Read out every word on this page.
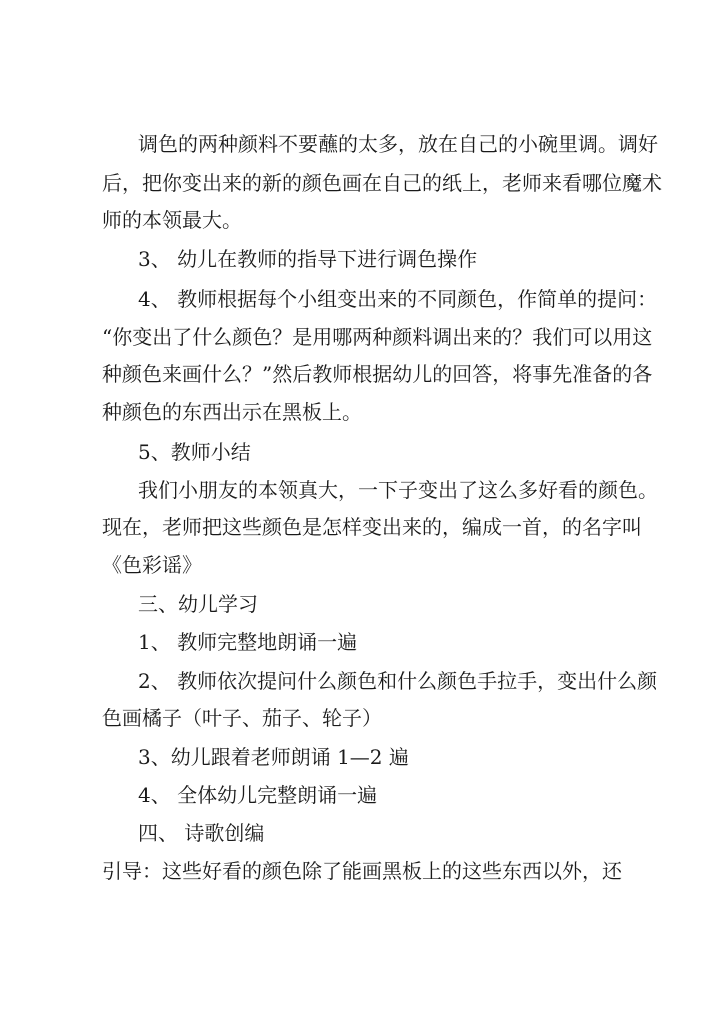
调色的两种颜料不要蘸的太多，放在自己的小碗里调。调好
后，把你变出来的新的颜色画在自己的纸上，老师来看哪位魔术
师的本领最大。
3、 幼儿在教师的指导下进行调色操作
4、 教师根据每个小组变出来的不同颜色，作简单的提问：
“你变出了什么颜色？是用哪两种颜料调出来的？我们可以用这
种颜色来画什么？”然后教师根据幼儿的回答，将事先准备的各
种颜色的东西出示在黑板上。
5、教师小结
我们小朋友的本领真大，一下子变出了这么多好看的颜色。
现在，老师把这些颜色是怎样变出来的，编成一首，的名字叫
《色彩谣》
三、幼儿学习
1、 教师完整地朗诵一遍
2、 教师依次提问什么颜色和什么颜色手拉手，变出什么颜
色画橘子（叶子、茄子、轮子）
3、幼儿跟着老师朗诵 1—2 遍
4、 全体幼儿完整朗诵一遍
四、 诗歌创编
引导：这些好看的颜色除了能画黑板上的这些东西以外，还
